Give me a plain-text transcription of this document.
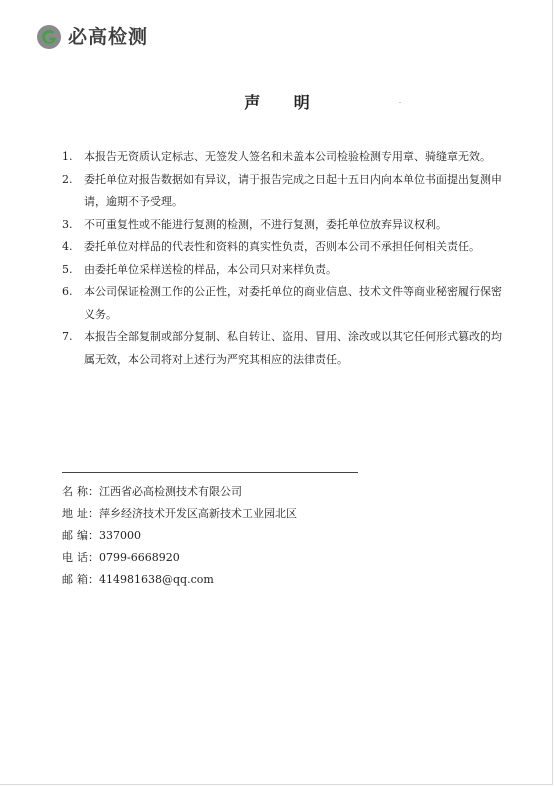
必高检测
声 明
1.	本报告无资质认定标志、无签发人签名和未盖本公司检验检测专用章、骑缝章无效。
2.	委托单位对报告数据如有异议，请于报告完成之日起十五日内向本单位书面提出复测申请，逾期不予受理。
3.	不可重复性或不能进行复测的检测，不进行复测，委托单位放弃异议权利。
4.	委托单位对样品的代表性和资料的真实性负责，否则本公司不承担任何相关责任。
5.	由委托单位采样送检的样品，本公司只对来样负责。
6.	本公司保证检测工作的公正性，对委托单位的商业信息、技术文件等商业秘密履行保密义务。
7.	本报告全部复制或部分复制、私自转让、盗用、冒用、涂改或以其它任何形式篡改的均属无效，本公司将对上述行为严究其相应的法律责任。
名 称 ： 江西省必高检测技术有限公司
地 址 ： 萍乡经济技术开发区高新技术工业园北区
邮 编 ： 337000
电 话 ： 0799-6668920
邮 箱 ： 414981638@qq.com
